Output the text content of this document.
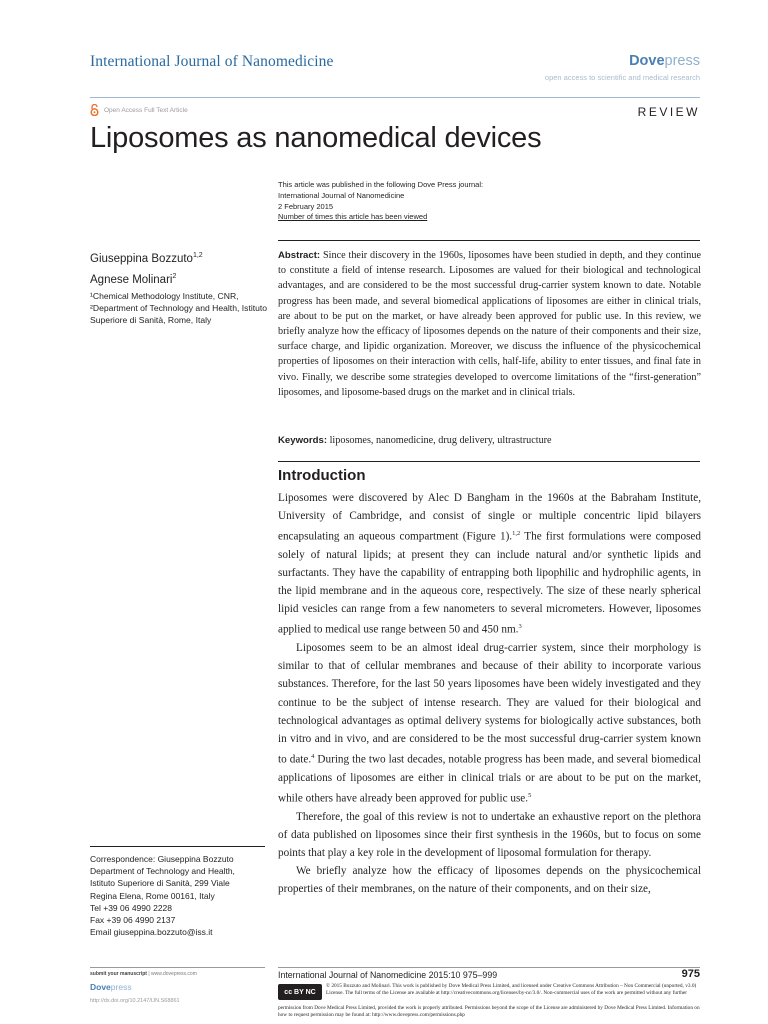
International Journal of Nanomedicine	Dovepress
open access to scientific and medical research
Open Access Full Text Article	REVIEW
Liposomes as nanomedical devices
This article was published in the following Dove Press journal:
International Journal of Nanomedicine
2 February 2015
Number of times this article has been viewed
Giuseppina Bozzuto$^{1,2}$
Agnese Molinari$^2$
¹Chemical Methodology Institute, CNR, ²Department of Technology and Health, Istituto Superiore di Sanità, Rome, Italy
Abstract: Since their discovery in the 1960s, liposomes have been studied in depth, and they continue to constitute a field of intense research. Liposomes are valued for their biological and technological advantages, and are considered to be the most successful drug-carrier system known to date. Notable progress has been made, and several biomedical applications of liposomes are either in clinical trials, are about to be put on the market, or have already been approved for public use. In this review, we briefly analyze how the efficacy of liposomes depends on the nature of their components and their size, surface charge, and lipidic organization. Moreover, we discuss the influence of the physicochemical properties of liposomes on their interaction with cells, half-life, ability to enter tissues, and final fate in vivo. Finally, we describe some strategies developed to overcome limitations of the “first-generation” liposomes, and liposome-based drugs on the market and in clinical trials.
Keywords: liposomes, nanomedicine, drug delivery, ultrastructure
Introduction

Liposomes were discovered by Alec D Bangham in the 1960s at the Babraham Institute, University of Cambridge, and consist of single or multiple concentric lipid bilayers encapsulating an aqueous compartment (Figure 1).$^{1,2}$ The first formulations were composed solely of natural lipids; at present they can include natural and/or synthetic lipids and surfactants. They have the capability of entrapping both lipophilic and hydrophilic agents, in the lipid membrane and in the aqueous core, respectively. The size of these nearly spherical lipid vesicles can range from a few nanometers to several micrometers. However, liposomes applied to medical use range between 50 and 450 nm.$^3$

Liposomes seem to be an almost ideal drug-carrier system, since their morphology is similar to that of cellular membranes and because of their ability to incorporate various substances. Therefore, for the last 50 years liposomes have been widely investigated and they continue to be the subject of intense research. They are valued for their biological and technological advantages as optimal delivery systems for biologically active substances, both in vitro and in vivo, and are considered to be the most successful drug-carrier system known to date.$^4$ During the two last decades, notable progress has been made, and several biomedical applications of liposomes are either in clinical trials or are about to be put on the market, while others have already been approved for public use.$^5$

Therefore, the goal of this review is not to undertake an exhaustive report on the plethora of data published on liposomes since their first synthesis in the 1960s, but to focus on some points that play a key role in the development of liposomal formulation for therapy.

We briefly analyze how the efficacy of liposomes depends on the physicochemical properties of their membranes, on the nature of their components, and on their size,

Correspondence: Giuseppina Bozzuto
Department of Technology and Health,
Istituto Superiore di Sanità, 299 Viale
Regina Elena, Rome 00161, Italy
Tel +39 06 4990 2228
Fax +39 06 4990 2137
Email giuseppina.bozzuto@iss.it
submit your manuscript | www.dovepress.com
Dovepress
http://dx.doi.org/10.2147/IJN.S68861
International Journal of Nanomedicine 2015:10 975–999	975
cc BY NC
© 2015 Bozzuto and Molinari. This work is published by Dove Medical Press Limited, and licensed under Creative Commons Attribution – Non Commercial (unported, v3.0) License. The full terms of the License are available at http://creativecommons.org/licenses/by-nc/3.0/. Non-commercial uses of the work are permitted without any further
permission from Dove Medical Press Limited, provided the work is properly attributed. Permissions beyond the scope of the License are administered by Dove Medical Press Limited. Information on how to request permission may be found at: http://www.dovepress.com/permissions.php
